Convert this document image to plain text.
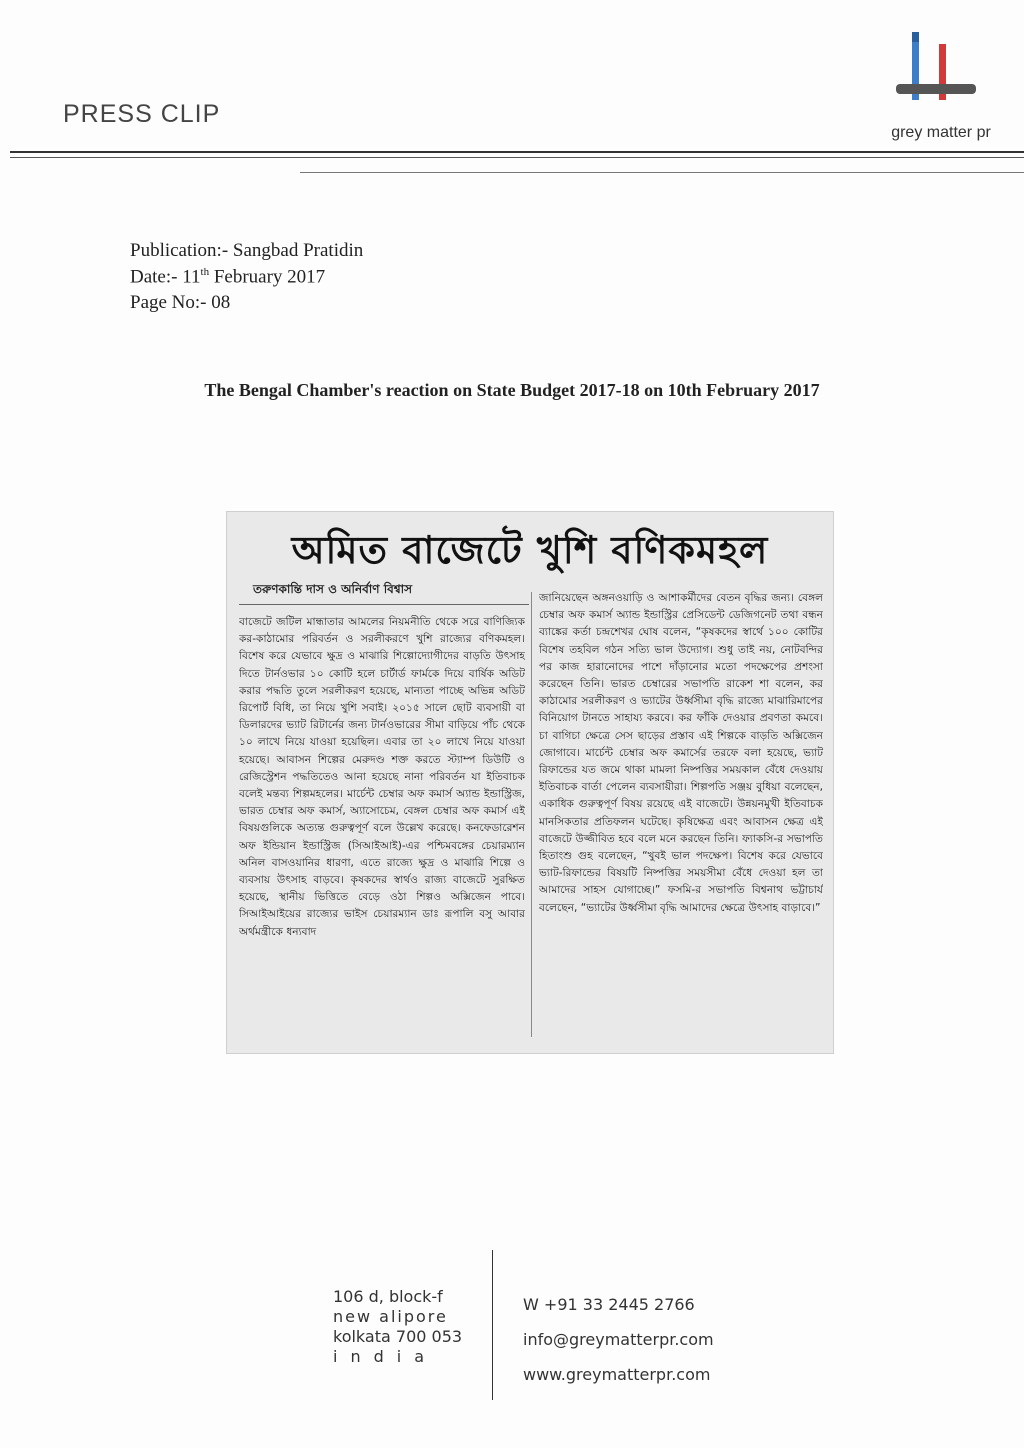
PRESS CLIP
grey matter pr
Publication:- Sangbad Pratidin
Date:- 11th February 2017
Page No:- 08
The Bengal Chamber's reaction on State Budget 2017-18 on 10th February 2017
অমিত বাজেটে খুশি বণিকমহল
তরুণকান্তি দাস ও অনির্বাণ বিশ্বাস
বাজেটে জটিল মান্ধাতার আমলের নিয়মনীতি থেকে সরে বাণিজ্যিক কর-কাঠামোর পরিবর্তন ও সরলীকরণে খুশি রাজ্যের বণিকমহল। বিশেষ করে যেভাবে ক্ষুদ্র ও মাঝারি শিল্পোদ্যোগীদের বাড়তি উৎসাহ দিতে টার্নওভার ১০ কোটি হলে চার্টার্ড ফার্মকে দিয়ে বার্ষিক অডিট করার পদ্ধতি তুলে সরলীকরণ হয়েছে, মান্যতা পাচ্ছে অভিন্ন অডিট রিপোর্ট বিধি, তা নিয়ে খুশি সবাই। ২০১৫ সালে ছোট ব্যবসায়ী বা ডিলারদের ভ্যাট রিটার্নের জন্য টার্নওভারের সীমা বাড়িয়ে পাঁচ থেকে ১০ লাখে নিয়ে যাওয়া হয়েছিল। এবার তা ২০ লাখে নিয়ে যাওয়া হয়েছে। আবাসন শিল্পের মেরুদণ্ড শক্ত করতে স্ট্যাম্প ডিউটি ও রেজিস্ট্রেশন পদ্ধতিতেও আনা হয়েছে নানা পরিবর্তন যা ইতিবাচক বলেই মন্তব্য শিল্পমহলের। মার্চেন্ট চেম্বার অফ কমার্স অ্যান্ড ইন্ডাস্ট্রিজ, ভারত চেম্বার অফ কমার্স, অ্যাসোচেম, বেঙ্গল চেম্বার অফ কমার্স এই বিষয়গুলিকে অত্যন্ত গুরুত্বপূর্ণ বলে উল্লেখ করেছে। কনফেডারেশন অফ ইন্ডিয়ান ইন্ডাস্ট্রিজ (সিআইআই)-এর পশ্চিমবঙ্গের চেয়ারম্যান অনিল বাসওয়ানির ধারণা, এতে রাজ্যে ক্ষুদ্র ও মাঝারি শিল্পে ও ব্যবসায় উৎসাহ বাড়বে। কৃষকদের স্বার্থও রাজ্য বাজেটে সুরক্ষিত হয়েছে, স্থানীয় ভিত্তিতে বেড়ে ওঠা শিল্পও অক্সিজেন পাবে। সিআইআইয়ের রাজ্যের ভাইস চেয়ারম্যান ডাঃ রূপালি বসু আবার অর্থমন্ত্রীকে ধন্যবাদ
জানিয়েছেন অঙ্গনওয়াড়ি ও আশাকর্মীদের বেতন বৃদ্ধির জন্য। বেঙ্গল চেম্বার অফ কমার্স অ্যান্ড ইন্ডাস্ট্রির প্রেসিডেন্ট ডেজিগনেট তথা বন্ধন ব্যাঙ্কের কর্তা চন্দ্রশেখর ঘোষ বলেন, “কৃষকদের স্বার্থে ১০০ কোটির বিশেষ তহবিল গঠন সত্যি ভাল উদ্যোগ। শুধু তাই নয়, নোটবন্দির পর কাজ হারানোদের পাশে দাঁড়ানোর মতো পদক্ষেপের প্রশংসা করেছেন তিনি। ভারত চেম্বারের সভাপতি রাকেশ শা বলেন, কর কাঠামোর সরলীকরণ ও ভ্যাটের উর্ধ্বসীমা বৃদ্ধি রাজ্যে মাঝারিমাপের বিনিয়োগ টানতে সাহায্য করবে। কর ফাঁকি দেওয়ার প্রবণতা কমবে। চা বাগিচা ক্ষেত্রে সেস ছাড়ের প্রস্তাব এই শিল্পকে বাড়তি অক্সিজেন জোগাবে। মার্চেন্ট চেম্বার অফ কমার্সের তরফে বলা হয়েছে, ভ্যাট রিফান্ডের যত জমে থাকা মামলা নিষ্পত্তির সময়কাল বেঁধে দেওয়ায় ইতিবাচক বার্তা পেলেন ব্যবসায়ীরা। শিল্পপতি সঞ্জয় বুধিয়া বলেছেন, একাধিক গুরুত্বপূর্ণ বিষয় রয়েছে এই বাজেটে। উন্নয়নমুখী ইতিবাচক মানসিকতার প্রতিফলন ঘটেছে। কৃষিক্ষেত্র এবং আবাসন ক্ষেত্র এই বাজেটে উজ্জীবিত হবে বলে মনে করছেন তিনি। ফ্যাকসি-র সভাপতি হিতাংশু গুহ বলেছেন, “খুবই ভাল পদক্ষেপ। বিশেষ করে যেভাবে ভ্যাট-রিফান্ডের বিষয়টি নিষ্পত্তির সময়সীমা বেঁধে দেওয়া হল তা আমাদের সাহস যোগাচ্ছে।” ফসমি-র সভাপতি বিশ্বনাথ ভট্টাচার্য বলেছেন, “ভ্যাটের উর্ধ্বসীমা বৃদ্ধি আমাদের ক্ষেত্রে উৎসাহ বাড়াবে।”
106 d, block-f
new alipore
kolkata 700 053
india
W +91 33 2445 2766
info@greymatterpr.com
www.greymatterpr.com
